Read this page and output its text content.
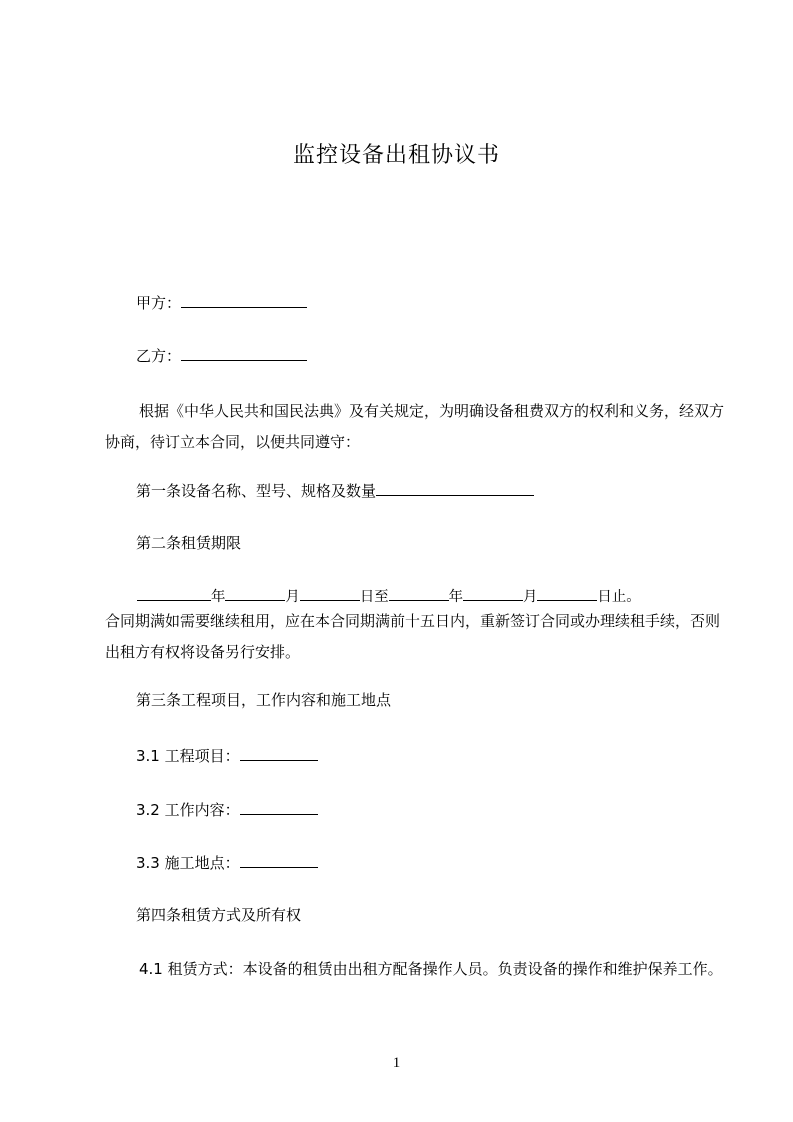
监控设备出租协议书
甲方：
乙方：
根据《中华人民共和国民法典》及有关规定，为明确设备租费双方的权利和义务，经双方协商，待订立本合同，以便共同遵守：
第一条设备名称、型号、规格及数量
第二条租赁期限
年	月	日至	年	月	日止。
合同期满如需要继续租用，应在本合同期满前十五日内，重新签订合同或办理续租手续，否则出租方有权将设备另行安排。
第三条工程项目，工作内容和施工地点
3.1 工程项目：
3.2 工作内容：
3.3 施工地点：
第四条租赁方式及所有权
4.1 租赁方式：本设备的租赁由出租方配备操作人员。负责设备的操作和维护保养工作。
1
